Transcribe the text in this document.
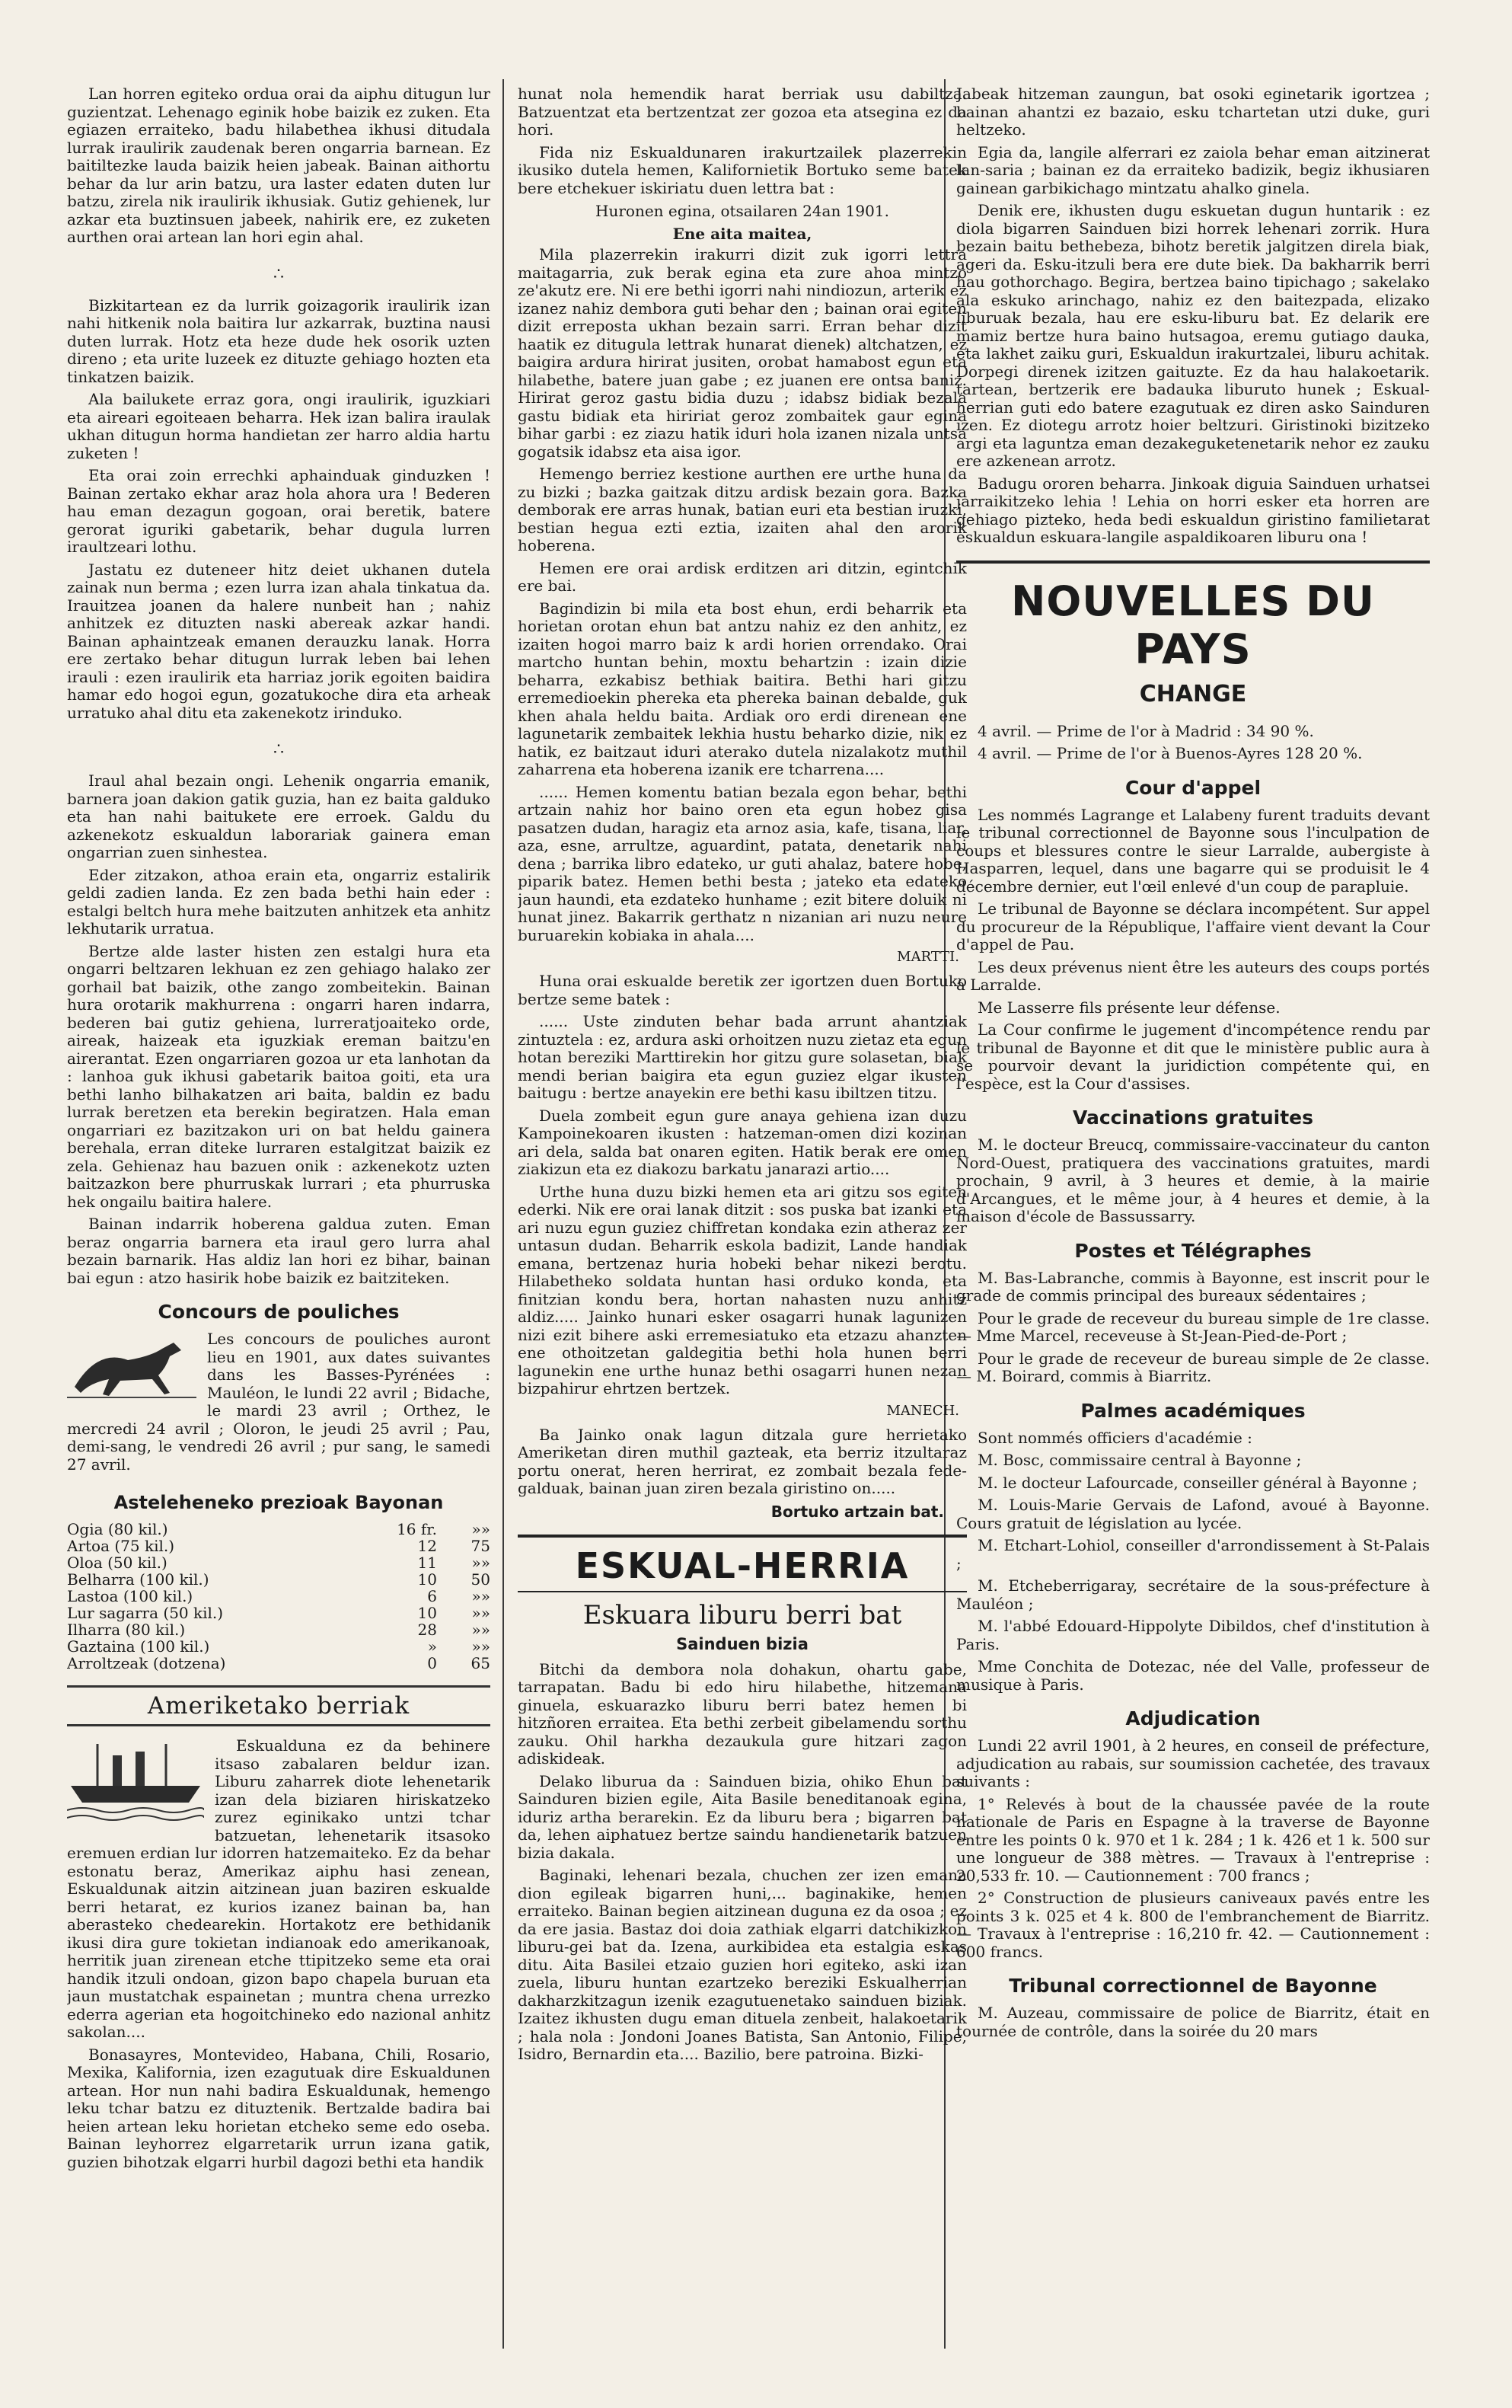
Lan horren egiteko ordua orai da aiphu ditugun lur guzientzat. Lehenago eginik hobe baizik ez zuken. Eta egiazen erraiteko, badu hilabethea ikhusi ditudala lurrak iraulirik zaudenak beren ongarria barnean. Ez baitiltezke lauda baizik heien jabeak. Bainan aithortu behar da lur arin batzu, ura laster edaten duten lur batzu, zirela nik iraulirik ikhusiak. Gutiz gehienek, lur azkar eta buztinsuen jabeek, nahirik ere, ez zuketen aurthen orai artean lan hori egin ahal.

∴

Bizkitartean ez da lurrik goizagorik iraulirik izan nahi hitkenik nola baitira lur azkarrak, buztina nausi duten lurrak. Hotz eta heze dude hek osorik uzten direno ; eta urite luzeek ez dituzte gehiago hozten eta tinkatzen baizik.

Ala bailukete erraz gora, ongi iraulirik, iguzkiari eta aireari egoiteaen beharra. Hek izan balira iraulak ukhan ditugun horma handietan zer harro aldia hartu zuketen !

Eta orai zoin errechki aphainduak ginduzken ! Bainan zertako ekhar araz hola ahora ura ! Bederen hau eman dezagun gogoan, orai beretik, batere gerorat iguriki gabetarik, behar dugula lurren iraultzeari lothu.

Jastatu ez duteneer hitz deiet ukhanen dutela zainak nun berma ; ezen lurra izan ahala tinkatua da. Irauitzea joanen da halere nunbeit han ; nahiz anhitzek ez dituzten naski abereak azkar handi. Bainan aphaintzeak emanen derauzku lanak. Horra ere zertako behar ditugun lurrak leben bai lehen irauli : ezen iraulirik eta harriaz jorik egoiten baidira hamar edo hogoi egun, gozatukoche dira eta arheak urratuko ahal ditu eta zakenekotz irinduko.

∴

Iraul ahal bezain ongi. Lehenik ongarria emanik, barnera joan dakion gatik guzia, han ez baita galduko eta han nahi baitukete ere erroek. Galdu du azkenekotz eskualdun laborariak gainera eman ongarrian zuen sinhestea.

Eder zitzakon, athoa erain eta, ongarriz estalirik geldi zadien landa. Ez zen bada bethi hain eder : estalgi beltch hura mehe baitzuten anhitzek eta anhitz lekhutarik urratua.

Bertze alde laster histen zen estalgi hura eta ongarri beltzaren lekhuan ez zen gehiago halako zer gorhail bat baizik, othe zango zombeitekin. Bainan hura orotarik makhurrena : ongarri haren indarra, bederen bai gutiz gehiena, lurreratjoaiteko orde, aireak, haizeak eta iguzkiak ereman baitzu'en airerantat. Ezen ongarriaren gozoa ur eta lanhotan da : lanhoa guk ikhusi gabetarik baitoa goiti, eta ura bethi lanho bilhakatzen ari baita, baldin ez badu lurrak beretzen eta berekin begiratzen. Hala eman ongarriari ez bazitzakon uri on bat heldu gainera berehala, erran diteke lurraren estalgitzat baizik ez zela. Gehienaz hau bazuen onik : azkenekotz uzten baitzazkon bere phurruskak lurrari ; eta phurruska hek ongailu baitira halere.

Bainan indarrik hoberena galdua zuten. Eman beraz ongarria barnera eta iraul gero lurra ahal bezain barnarik. Has aldiz lan hori ez bihar, bainan bai egun : atzo hasirik hobe baizik ez baitziteken.

Concours de pouliches

Les concours de pouliches auront lieu en 1901, aux dates suivantes dans les Basses-Pyrénées : Mauléon, le lundi 22 avril ; Bidache, le mardi 23 avril ; Orthez, le mercredi 24 avril ; Oloron, le jeudi 25 avril ; Pau, demi-sang, le vendredi 26 avril ; pur sang, le samedi 27 avril.

Asteleheneko prezioak Bayonan
Ogia (80 kil.)	16 fr.	»»
Artoa (75 kil.)	12	75
Oloa (50 kil.)	11	»»
Belharra (100 kil.)	10	50
Lastoa (100 kil.)	6	»»
Lur sagarra (50 kil.)	10	»»
Ilharra (80 kil.)	28	»»
Gaztaina (100 kil.)	»	»»
Arroltzeak (dotzena)	0	65
Ameriketako berriak

Eskualduna ez da behinere itsaso zabalaren beldur izan. Liburu zaharrek diote lehenetarik izan dela biziaren hiriskatzeko zurez eginikako untzi tchar batzuetan, lehenetarik itsasoko eremuen erdian lur idorren hatzemaiteko. Ez da behar estonatu beraz, Amerikaz aiphu hasi zenean, Eskualdunak aitzin aitzinean juan baziren eskualde berri hetarat, ez kurios izanez bainan ba, han aberasteko chedearekin. Hortakotz ere bethidanik ikusi dira gure tokietan indianoak edo amerikanoak, herritik juan zirenean etche ttipitzeko seme eta orai handik itzuli ondoan, gizon bapo chapela buruan eta jaun mustatchak espainetan ; muntra chena urrezko ederra agerian eta hogoitchineko edo nazional anhitz sakolan....

Bonasayres, Montevideo, Habana, Chili, Rosario, Mexika, Kalifornia, izen ezagutuak dire Eskualdunen artean. Hor nun nahi badira Eskualdunak, hemengo leku tchar batzu ez dituztenik. Bertzalde badira bai heien artean leku horietan etcheko seme edo oseba. Bainan leyhorrez elgarretarik urrun izana gatik, guzien bihotzak elgarri hurbil dagozi bethi eta handik

hunat nola hemendik harat berriak usu dabiltza. Batzuentzat eta bertzentzat zer gozoa eta atsegina ez da hori.

Fida niz Eskualdunaren irakurtzailek plazerrekin ikusiko dutela hemen, Kalifornietik Bortuko seme batek bere etchekuer iskiriatu duen lettra bat :

Huronen egina, otsailaren 24an 1901.
Ene aita maitea,

Mila plazerrekin irakurri dizit zuk igorri lettra maitagarria, zuk berak egina eta zure ahoa mintzo ze'akutz ere. Ni ere bethi igorri nahi nindiozun, arterik ez izanez nahiz dembora guti behar den ; bainan orai egiten dizit erreposta ukhan bezain sarri. Erran behar dizit haatik ez ditugula lettrak hunarat dienek) altchatzen, ez baigira ardura hirirat jusiten, orobat hamabost egun eta hilabethe, batere juan gabe ; ez juanen ere ontsa baniz. Hirirat geroz gastu bidia duzu ; idabsz bidiak bezala gastu bidiak eta hiririat geroz zombaitek gaur egina bihar garbi : ez ziazu hatik iduri hola izanen nizala untsa gogatsik idabsz eta aisa igor.

Hemengo berriez kestione aurthen ere urthe huna da zu bizki ; bazka gaitzak ditzu ardisk bezain gora. Bazka demborak ere arras hunak, batian euri eta bestian iruzki, bestian hegua ezti eztia, izaiten ahal den arorik hoberena.

Hemen ere orai ardisk erditzen ari ditzin, egintchik ere bai.

Bagindizin bi mila eta bost ehun, erdi beharrik eta horietan orotan ehun bat antzu nahiz ez den anhitz, ez izaiten hogoi marro baiz k ardi horien orrendako. Orai martcho huntan behin, moxtu behartzin : izain dizie beharra, ezkabisz bethiak baitira. Bethi hari gitzu erremedioekin phereka eta phereka bainan debalde, guk khen ahala heldu baita. Ardiak oro erdi direnean ene lagunetarik zembaitek lekhia hustu beharko dizie, nik ez hatik, ez baitzaut iduri aterako dutela nizalakotz muthil zaharrena eta hoberena izanik ere tcharrena....

...... Hemen komentu batian bezala egon behar, bethi artzain nahiz hor baino oren eta egun hobez gisa pasatzen dudan, haragiz eta arnoz asia, kafe, tisana, liar, aza, esne, arrultze, aguardint, patata, denetarik nahi dena ; barrika libro edateko, ur guti ahalaz, batere hobe, piparik batez. Hemen bethi besta ; jateko eta edateko jaun haundi, eta ezdateko hunhame ; ezit bitere doluik ni hunat jinez. Bakarrik gerthatz n nizanian ari nuzu neure buruarekin kobiaka in ahala....

MARTTI.

Huna orai eskualde beretik zer igortzen duen Bortuko bertze seme batek :

...... Uste zinduten behar bada arrunt ahantziak zintuztela : ez, ardura aski orhoitzen nuzu zietaz eta egun hotan bereziki Marttirekin hor gitzu gure solasetan, biak mendi berian baigira eta egun guziez elgar ikusten baitugu : bertze anayekin ere bethi kasu ibiltzen titzu.

Duela zombeit egun gure anaya gehiena izan duzu Kampoinekoaren ikusten : hatzeman-omen dizi kozinan ari dela, salda bat onaren egiten. Hatik berak ere omen ziakizun eta ez diakozu barkatu janarazi artio....

Urthe huna duzu bizki hemen eta ari gitzu sos egiten ederki. Nik ere orai lanak ditzit : sos puska bat izanki eta ari nuzu egun guziez chiffretan kondaka ezin atheraz zer untasun dudan. Beharrik eskola badizit, Lande handiak emana, bertzenaz huria hobeki behar nikezi berotu. Hilabetheko soldata huntan hasi orduko konda, eta finitzian kondu bera, hortan nahasten nuzu anhitz aldiz..... Jainko hunari esker osagarri hunak lagunizen nizi ezit bihere aski erremesiatuko eta etzazu ahanzten ene othoitzetan galdegitia bethi hola hunen berri lagunekin ene urthe hunaz bethi osagarri hunen nezan bizpahirur ehrtzen bertzek.

MANECH.

Ba Jainko onak lagun ditzala gure herrietako Ameriketan diren muthil gazteak, eta berriz itzultaraz portu onerat, heren herrirat, ez zombait bezala fede-galduak, bainan juan ziren bezala giristino on.....

Bortuko artzain bat.
ESKUAL-HERRIA
Eskuara liburu berri bat
Sainduen bizia

Bitchi da dembora nola dohakun, ohartu gabe, tarrapatan. Badu bi edo hiru hilabethe, hitzemana ginuela, eskuarazko liburu berri batez hemen bi hitzñoren erraitea. Eta bethi zerbeit gibelamendu sorthu zauku. Ohil harkha dezaukula gure hitzari zagon adiskideak.

Delako liburua da : Sainduen bizia, ohiko Ehun bat Sainduren bizien egile, Aita Basile beneditanoak egina, iduriz artha berarekin. Ez da liburu bera ; bigarren bat da, lehen aiphatuez bertze saindu handienetarik batzuen bizia dakala.

Baginaki, lehenari bezala, chuchen zer izen emana dion egileak bigarren huni,... baginakike, hemen erraiteko. Bainan begien aitzinean duguna ez da osoa ; ez da ere jasia. Bastaz doi doia zathiak elgarri datchikizkon liburu-gei bat da. Izena, aurkibidea eta estalgia eskas ditu. Aita Basilei etzaio guzien hori egiteko, aski izan zuela, liburu huntan ezartzeko bereziki Eskualherrian dakharzkitzagun izenik ezagutuenetako sainduen biziak. Izaitez ikhusten dugu eman dituela zenbeit, halakoetarik ; hala nola : Jondoni Joanes Batista, San Antonio, Filipe, Isidro, Bernardin eta.... Bazilio, bere patroina. Bizki-

Jabeak hitzeman zaungun, bat osoki eginetarik igortzea ; bainan ahantzi ez bazaio, esku tchartetan utzi duke, guri heltzeko.

Egia da, langile alferrari ez zaiola behar eman aitzinerat lan-saria ; bainan ez da erraiteko badizik, begiz ikhusiaren gainean garbikichago mintzatu ahalko ginela.

Denik ere, ikhusten dugu eskuetan dugun huntarik : ez diola bigarren Sainduen bizi horrek lehenari zorrik. Hura bezain baitu bethebeza, bihotz beretik jalgitzen direla biak, ageri da. Esku-itzuli bera ere dute biek. Da bakharrik berri hau gothorchago. Begira, bertzea baino tipichago ; sakelako ala eskuko arinchago, nahiz ez den baitezpada, elizako liburuak bezala, hau ere esku-liburu bat. Ez delarik ere mamiz bertze hura baino hutsagoa, eremu gutiago dauka, eta lakhet zaiku guri, Eskualdun irakurtzalei, liburu achitak. Dorpegi direnek izitzen gaituzte. Ez da hau halakoetarik. tartean, bertzerik ere badauka liburuto hunek ; Eskual-herrian guti edo batere ezagutuak ez diren asko Sainduren izen. Ez diotegu arrotz hoier beltzuri. Giristinoki bizitzeko argi eta laguntza eman dezakeguketenetarik nehor ez zauku ere azkenean arrotz.

Badugu ororen beharra. Jinkoak diguia Sainduen urhatsei jarraikitzeko lehia ! Lehia on horri esker eta horren are gehiago pizteko, heda bedi eskualdun giristino familietarat eskualdun eskuara-langile aspaldikoaren liburu ona !

NOUVELLES DU PAYS
CHANGE

4 avril. — Prime de l'or à Madrid : 34 90 %.

4 avril. — Prime de l'or à Buenos-Ayres 128 20 %.

Cour d'appel

Les nommés Lagrange et Lalabeny furent traduits devant le tribunal correctionnel de Bayonne sous l'inculpation de coups et blessures contre le sieur Larralde, aubergiste à Hasparren, lequel, dans une bagarre qui se produisit le 4 décembre dernier, eut l'œil enlevé d'un coup de parapluie.

Le tribunal de Bayonne se déclara incompétent. Sur appel du procureur de la République, l'affaire vient devant la Cour d'appel de Pau.

Les deux prévenus nient être les auteurs des coups portés à Larralde.

Me Lasserre fils présente leur défense.

La Cour confirme le jugement d'incompétence rendu par le tribunal de Bayonne et dit que le ministère public aura à se pourvoir devant la juridiction compétente qui, en l'espèce, est la Cour d'assises.

Vaccinations gratuites

M. le docteur Breucq, commissaire-vaccinateur du canton Nord-Ouest, pratiquera des vaccinations gratuites, mardi prochain, 9 avril, à 3 heures et demie, à la mairie d'Arcangues, et le même jour, à 4 heures et demie, à la maison d'école de Bassussarry.

Postes et Télégraphes

M. Bas-Labranche, commis à Bayonne, est inscrit pour le grade de commis principal des bureaux sédentaires ;

Pour le grade de receveur du bureau simple de 1re classe. — Mme Marcel, receveuse à St-Jean-Pied-de-Port ;

Pour le grade de receveur de bureau simple de 2e classe. — M. Boirard, commis à Biarritz.

Palmes académiques

Sont nommés officiers d'académie :

M. Bosc, commissaire central à Bayonne ;

M. le docteur Lafourcade, conseiller général à Bayonne ;

M. Louis-Marie Gervais de Lafond, avoué à Bayonne. Cours gratuit de législation au lycée.

M. Etchart-Lohiol, conseiller d'arrondissement à St-Palais ;

M. Etcheberrigaray, secrétaire de la sous-préfecture à Mauléon ;

M. l'abbé Edouard-Hippolyte Dibildos, chef d'institution à Paris.

Mme Conchita de Dotezac, née del Valle, professeur de musique à Paris.

Adjudication

Lundi 22 avril 1901, à 2 heures, en conseil de préfecture, adjudication au rabais, sur soumission cachetée, des travaux suivants :

1° Relevés à bout de la chaussée pavée de la route nationale de Paris en Espagne à la traverse de Bayonne entre les points 0 k. 970 et 1 k. 284 ; 1 k. 426 et 1 k. 500 sur une longueur de 388 mètres. — Travaux à l'entreprise : 20,533 fr. 10. — Cautionnement : 700 francs ;

2° Construction de plusieurs caniveaux pavés entre les points 3 k. 025 et 4 k. 800 de l'embranchement de Biarritz. — Travaux à l'entreprise : 16,210 fr. 42. — Cautionnement : 600 francs.

Tribunal correctionnel de Bayonne

M. Auzeau, commissaire de police de Biarritz, était en tournée de contrôle, dans la soirée du 20 mars
